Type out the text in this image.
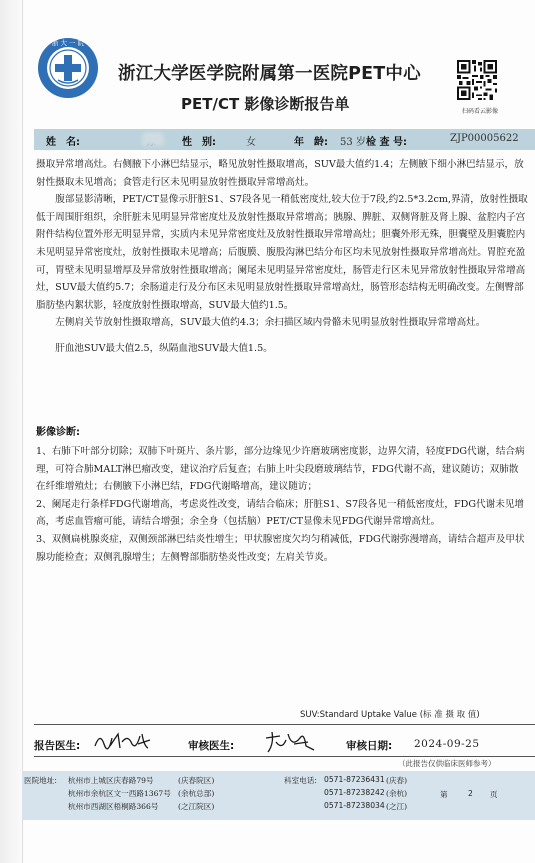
浙 大 一 院
浙江大学医学院附属第一医院PET中心
PET/CT 影像诊断报告单	扫码看云影像
姓　名:	性　别:	女	年　龄: 53 岁 检 查 号:	ZJP00005622

摄取异常增高灶。右侧腋下小淋巴结显示，略见放射性摄取增高，SUV最大值约1.4；左侧腋下细小淋巴结显示，放射性摄取未见增高；食管走行区未见明显放射性摄取异常增高灶。

腹部显影清晰，PET/CT显像示肝脏S1、S7段各见一稍低密度灶,较大位于7段,约2.5*3.2cm,界清，放射性摄取低于周围肝组织，余肝脏未见明显异常密度灶及放射性摄取异常增高；胰腺、脾脏、双侧肾脏及肾上腺、盆腔内子宫附件结构位置外形无明显异常，实质内未见异常密度灶及放射性摄取异常增高灶；胆囊外形无殊，胆囊壁及胆囊腔内未见明显异常密度灶，放射性摄取未见增高；后腹膜、腹股沟淋巴结分布区均未见放射性摄取异常增高灶。胃腔充盈可，胃壁未见明显增厚及异常放射性摄取增高；阑尾未见明显异常密度灶，肠管走行区未见异常放射性摄取异常增高灶，SUV最大值约5.7；余肠道走行及分布区未见明显放射性摄取异常增高灶，肠管形态结构无明确改变。左侧臀部脂肪垫内絮状影，轻度放射性摄取增高，SUV最大值约1.5。

左侧肩关节放射性摄取增高，SUV最大值约4.3；余扫描区域内骨骼未见明显放射性摄取异常增高灶。

肝血池SUV最大值2.5，纵隔血池SUV最大值1.5。

影像诊断:

1、右肺下叶部分切除；双肺下叶斑片、条片影，部分边缘见少许磨玻璃密度影，边界欠清，轻度FDG代谢，结合病理，可符合肺MALT淋巴瘤改变，建议治疗后复查；右肺上叶尖段磨玻璃结节，FDG代谢不高，建议随访；双肺散在纤维增殖灶；右侧腋下小淋巴结，FDG代谢略增高，建议随访；

2、阑尾走行条样FDG代谢增高，考虑炎性改变，请结合临床；肝脏S1、S7段各见一稍低密度灶，FDG代谢未见增高，考虑血管瘤可能，请结合增强；余全身（包括脑）PET/CT显像未见FDG代谢异常增高灶。

3、双侧扁桃腺炎症，双侧颈部淋巴结炎性增生；甲状腺密度欠均匀稍减低，FDG代谢弥漫增高，请结合超声及甲状腺功能检查；双侧乳腺增生；左侧臀部脂肪垫炎性改变；左肩关节炎。

SUV:Standard Uptake Value (标 准 摄 取 值)
报告医生:	审核医生:	审核日期: 2024-09-25
（此报告仅供临床医师参考）
医院地址: 杭州市上城区庆春路79号	(庆春院区)
杭州市余杭区文一西路1367号 (余杭总部)
杭州市西湖区梧桐路366号	(之江院区)
科室电话: 0571-87236431 (庆春)
0571-87238242 (余杭)
0571-87238034 (之江)
第	2 页
